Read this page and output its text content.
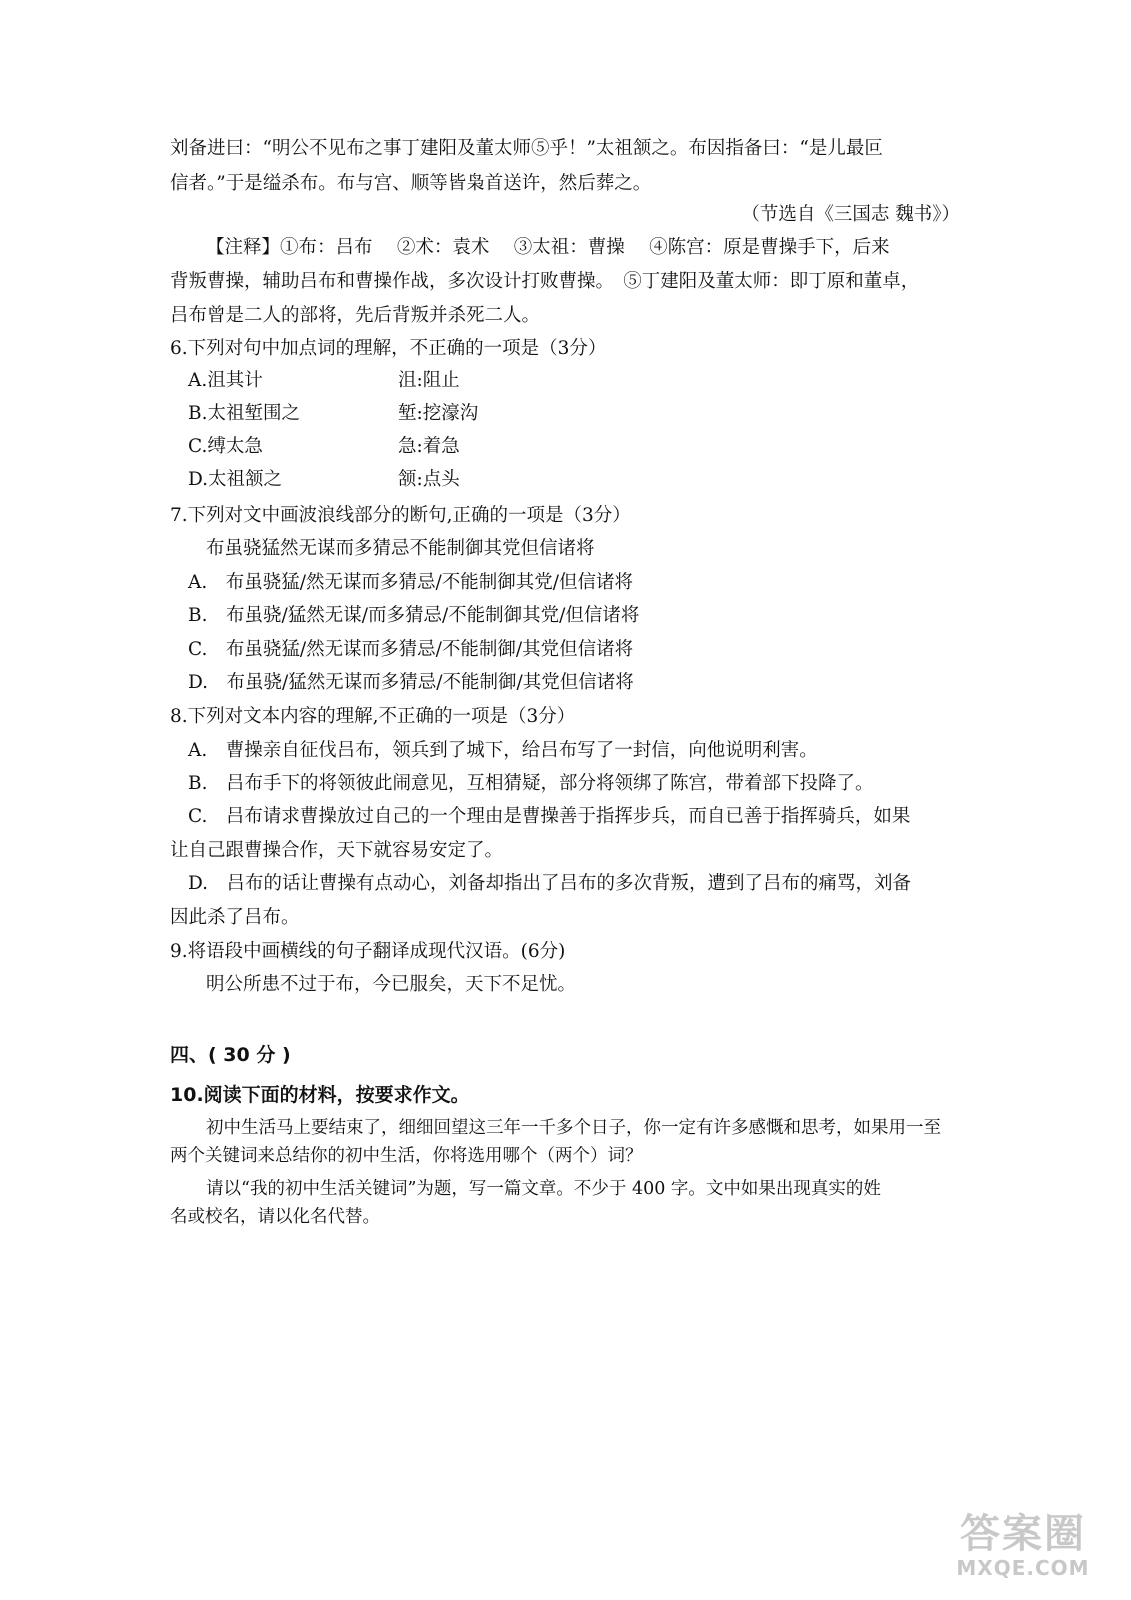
刘备进曰：“明公不见布之事丁建阳及董太师⑤乎！”太祖颔之。布因指备曰：“是儿最叵
信者。”于是缢杀布。布与宫、顺等皆枭首送许，然后葬之。
（节选自《三国志 魏书》）
【注释】①布：吕布　 ②术：袁术　 ③太祖：曹操　 ④陈宫：原是曹操手下，后来
背叛曹操，辅助吕布和曹操作战，多次设计打败曹操。　⑤丁建阳及董太师：即丁原和董卓，
吕布曾是二人的部将，先后背叛并杀死二人。
6.下列对句中加点词的理解，不正确的一项是（3分）
A.沮其计	沮:阻止
B.太祖堑围之	堑:挖濠沟
C.缚太急	急:着急
D.太祖颔之	颔:点头
7.下列对文中画波浪线部分的断句,正确的一项是（3分）
布虽骁猛然无谋而多猜忌不能制御其党但信诸将
A.　布虽骁猛/然无谋而多猜忌/不能制御其党/但信诸将
B.　布虽骁/猛然无谋/而多猜忌/不能制御其党/但信诸将
C.　布虽骁猛/然无谋而多猜忌/不能制御/其党但信诸将
D.　布虽骁/猛然无谋而多猜忌/不能制御/其党但信诸将
8.下列对文本内容的理解,不正确的一项是（3分）
A.　曹操亲自征伐吕布，领兵到了城下，给吕布写了一封信，向他说明利害。
B.　吕布手下的将领彼此闹意见，互相猜疑，部分将领绑了陈宫，带着部下投降了。
C.　吕布请求曹操放过自己的一个理由是曹操善于指挥步兵，而自已善于指挥骑兵，如果
让自己跟曹操合作，天下就容易安定了。
D.　吕布的话让曹操有点动心，刘备却指出了吕布的多次背叛，遭到了吕布的痛骂，刘备
因此杀了吕布。
9.将语段中画横线的句子翻译成现代汉语。(6分)
明公所患不过于布，今已服矣，天下不足忧。
四、( 30 分 )
10.阅读下面的材料，按要求作文。
初中生活马上要结束了，细细回望这三年一千多个日子，你一定有许多感慨和思考，如果用一至
两个关键词来总结你的初中生活，你将选用哪个（两个）词？
请以“我的初中生活关键词”为题，写一篇文章。不少于 400 字。文中如果出现真实的姓
名或校名，请以化名代替。
答案圈
MXQE.COM
